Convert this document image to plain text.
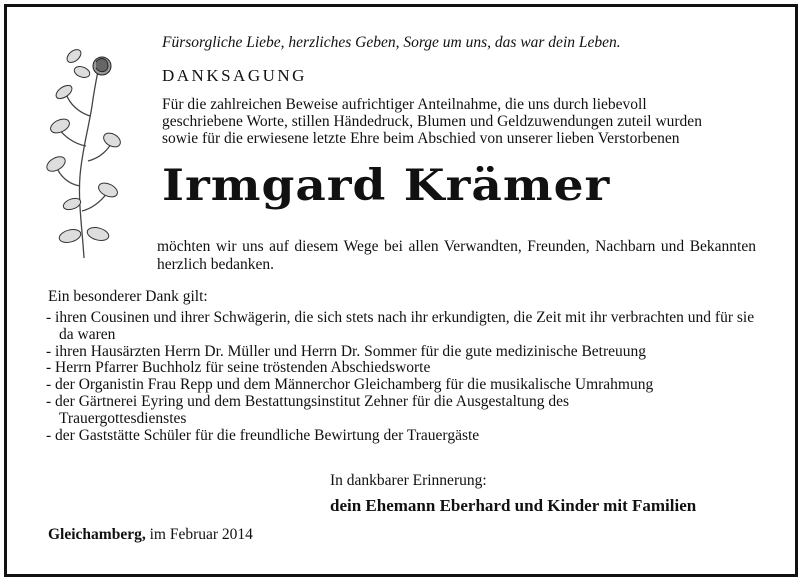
Fürsorgliche Liebe, herzliches Geben, Sorge um uns, das war dein Leben.
DANKSAGUNG
Für die zahlreichen Beweise aufrichtiger Anteilnahme, die uns durch liebevoll
geschriebene Worte, stillen Händedruck, Blumen und Geldzuwendungen zuteil wurden
sowie für die erwiesene letzte Ehre beim Abschied von unserer lieben Verstorbenen
Irmgard Krämer
möchten wir uns auf diesem Wege bei allen Verwandten, Freunden, Nachbarn und Bekannten herzlich bedanken.
Ein besonderer Dank gilt:
- ihren Cousinen und ihrer Schwägerin, die sich stets nach ihr erkundigten, die Zeit mit ihr verbrachten und für sie da waren
- ihren Hausärzten Herrn Dr. Müller und Herrn Dr. Sommer für die gute medizinische Betreuung
- Herrn Pfarrer Buchholz für seine tröstenden Abschiedsworte
- der Organistin Frau Repp und dem Männerchor Gleichamberg für die musikalische Umrahmung
- der Gärtnerei Eyring und dem Bestattungsinstitut Zehner für die Ausgestaltung des Trauergottesdienstes
- der Gaststätte Schüler für die freundliche Bewirtung der Trauergäste
In dankbarer Erinnerung:
dein Ehemann Eberhard und Kinder mit Familien
Gleichamberg, im Februar 2014
